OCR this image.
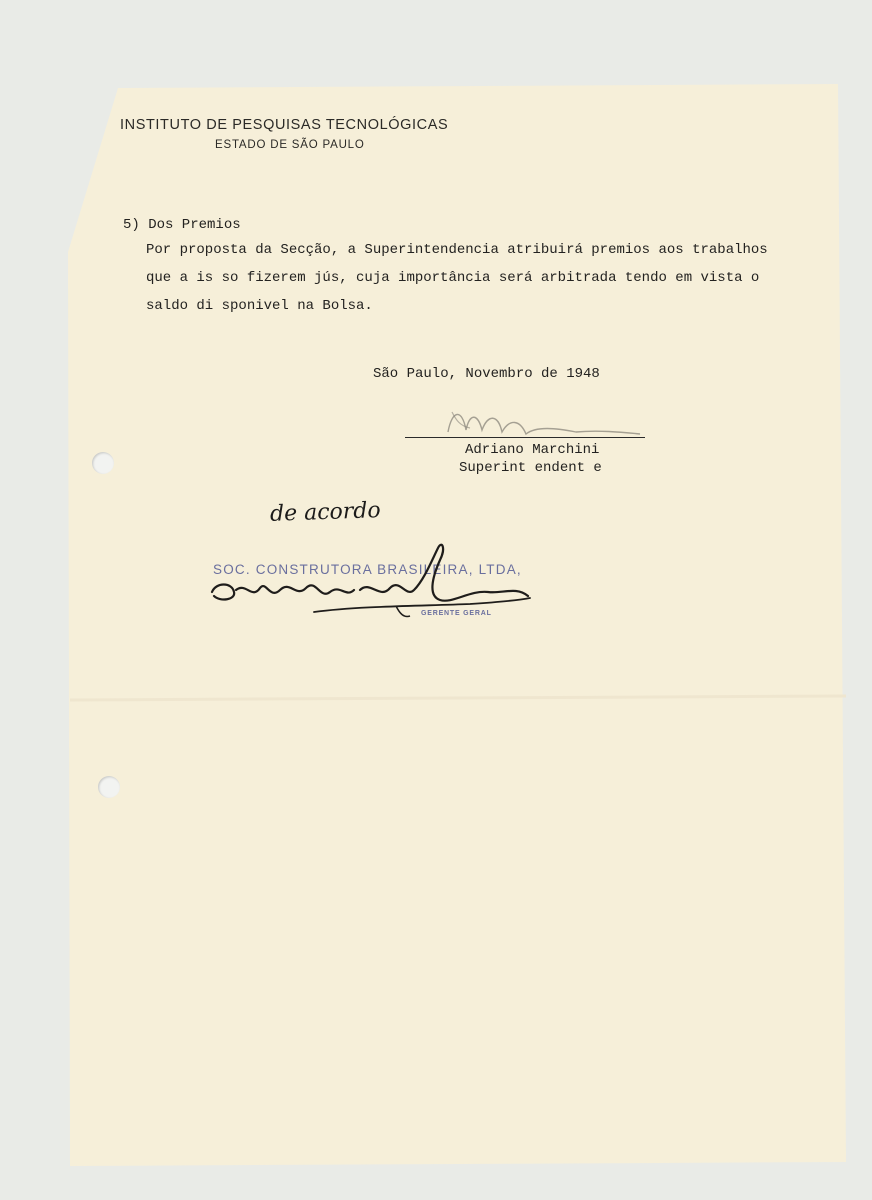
INSTITUTO DE PESQUISAS TECNOLÓGICAS
ESTADO DE SÃO PAULO
5) Dos Premios
Por proposta da Secção, a Superintendencia atribuirá premios aos trabalhos
que a is so fizerem jús, cuja importância será arbitrada tendo em vista o
saldo di sponivel na Bolsa.
São Paulo, Novembro de 1948
Adriano Marchini
Superint endent e
de acordo
SOC. CONSTRUTORA BRASILEIRA, LTDA,
GERENTE GERAL
